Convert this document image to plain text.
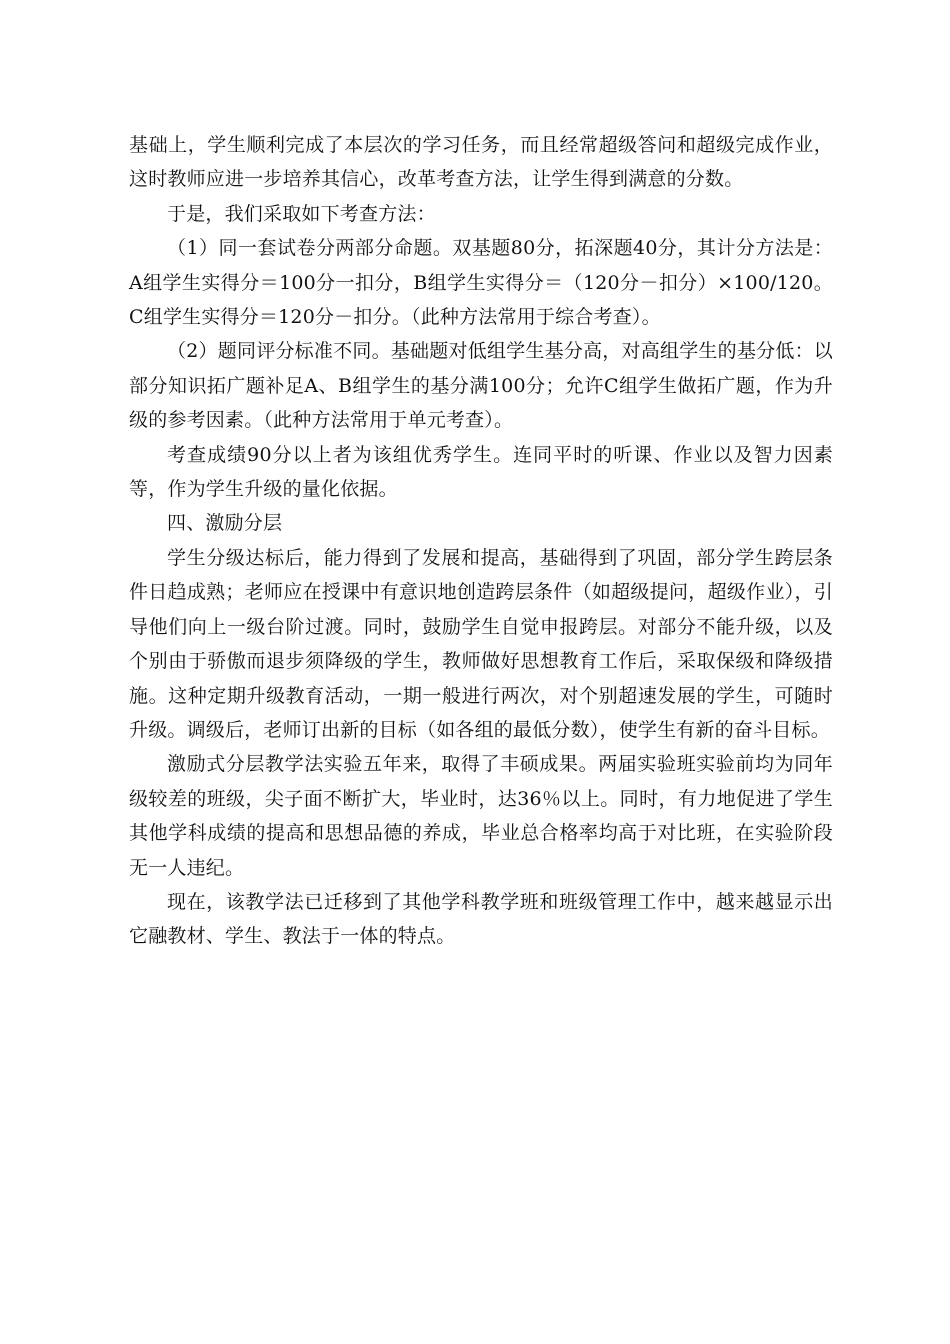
基础上，学生顺利完成了本层次的学习任务，而且经常超级答问和超级完成作业，这时教师应进一步培养其信心，改革考查方法，让学生得到满意的分数。

于是，我们采取如下考查方法：

（1）同一套试卷分两部分命题。双基题80分，拓深题40分，其计分方法是：A组学生实得分＝100分一扣分，B组学生实得分＝（120分－扣分）×100/120。C组学生实得分＝120分－扣分。（此种方法常用于综合考查）。

（2）题同评分标准不同。基础题对低组学生基分高，对高组学生的基分低：以部分知识拓广题补足A、B组学生的基分满100分；允许C组学生做拓广题，作为升级的参考因素。（此种方法常用于单元考查）。

考查成绩90分以上者为该组优秀学生。连同平时的听课、作业以及智力因素等，作为学生升级的量化依据。

四、激励分层

学生分级达标后，能力得到了发展和提高，基础得到了巩固，部分学生跨层条件日趋成熟；老师应在授课中有意识地创造跨层条件（如超级提问，超级作业），引导他们向上一级台阶过渡。同时，鼓励学生自觉申报跨层。对部分不能升级，以及个别由于骄傲而退步须降级的学生，教师做好思想教育工作后，采取保级和降级措施。这种定期升级教育活动，一期一般进行两次，对个别超速发展的学生，可随时升级。调级后，老师订出新的目标（如各组的最低分数），使学生有新的奋斗目标。

激励式分层教学法实验五年来，取得了丰硕成果。两届实验班实验前均为同年级较差的班级，尖子面不断扩大，毕业时，达36％以上。同时，有力地促进了学生其他学科成绩的提高和思想品德的养成，毕业总合格率均高于对比班，在实验阶段无一人违纪。

现在，该教学法已迁移到了其他学科教学班和班级管理工作中，越来越显示出它融教材、学生、教法于一体的特点。
